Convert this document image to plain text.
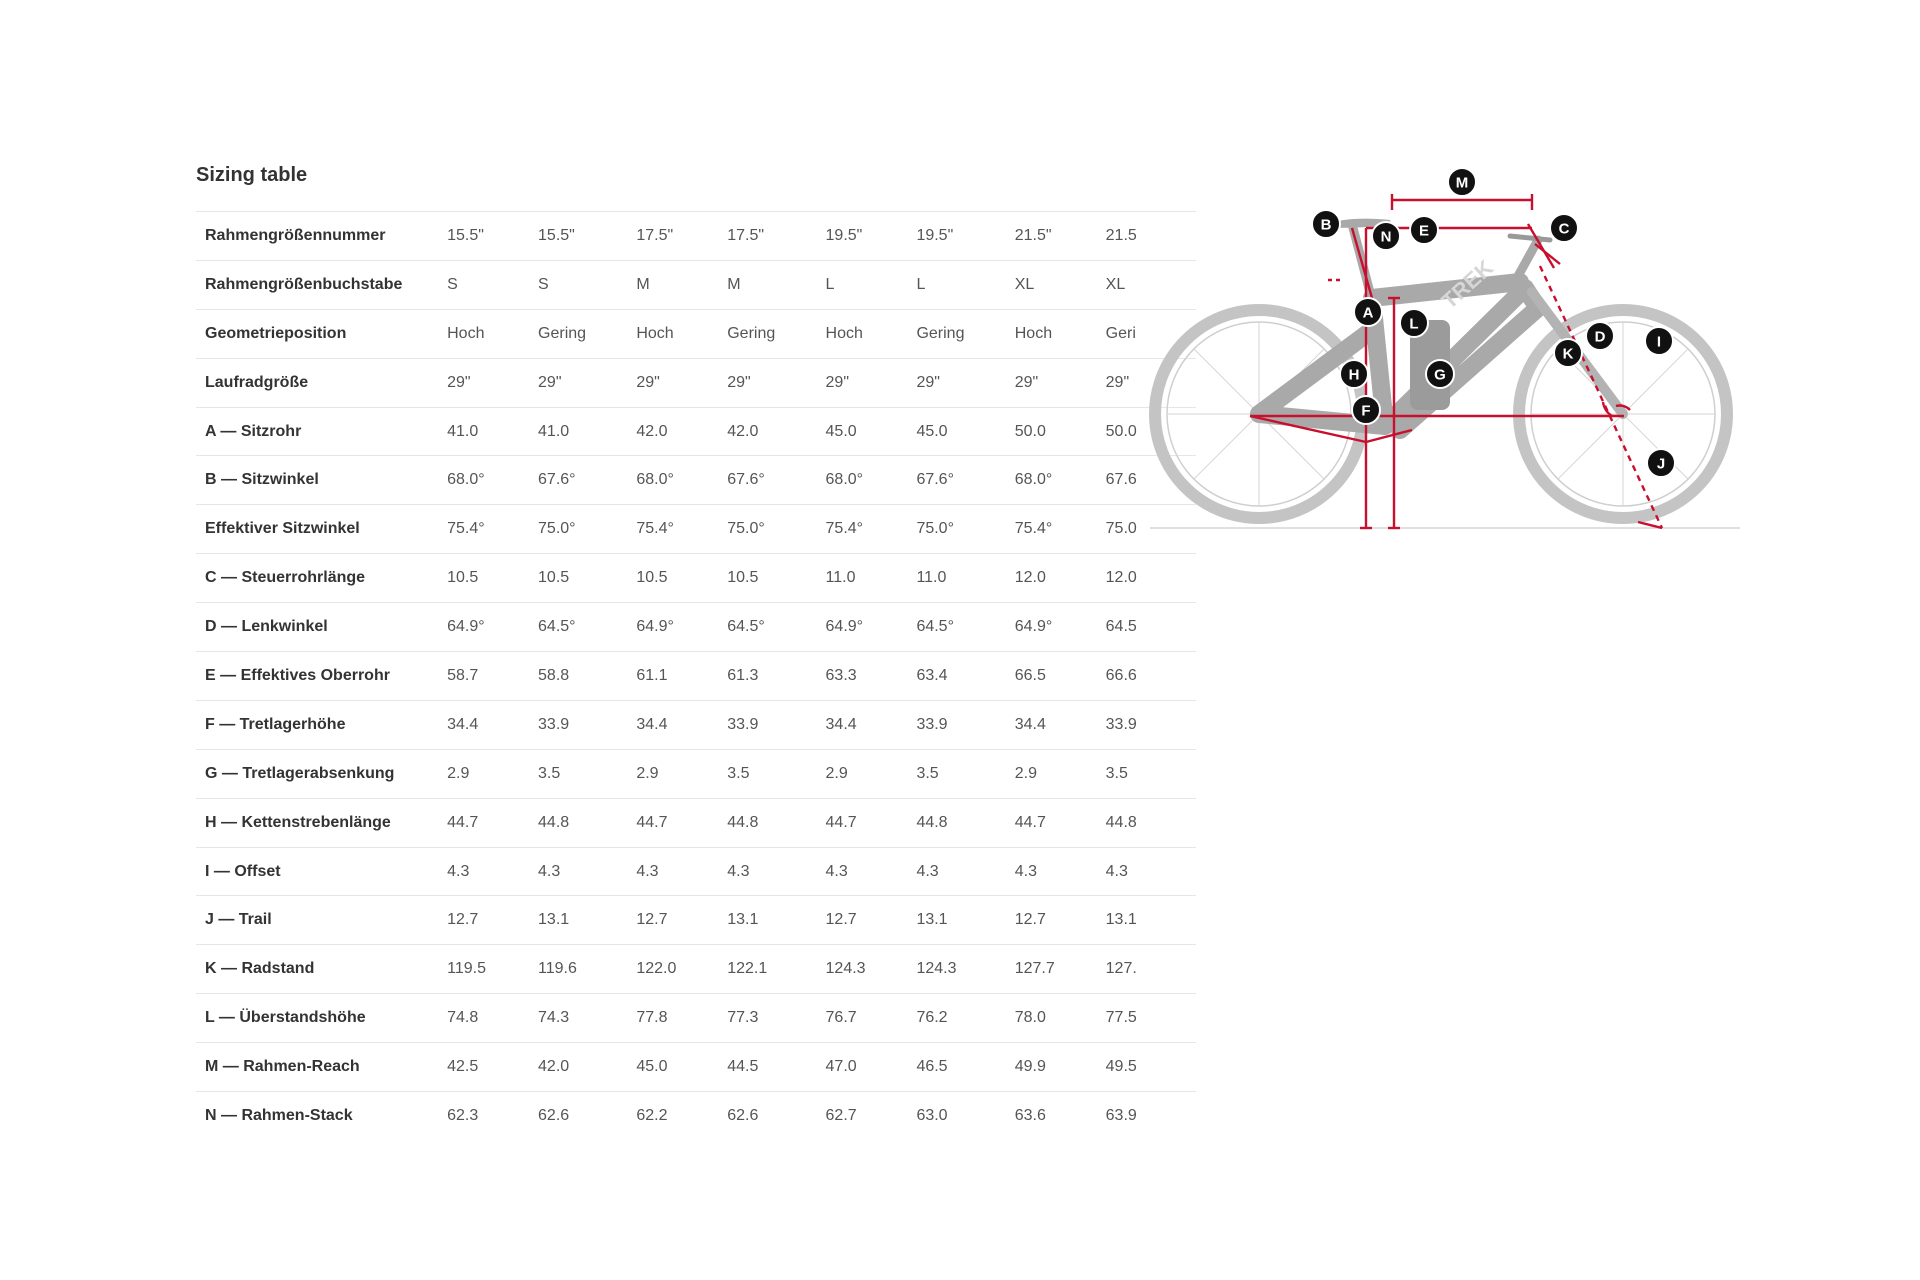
Sizing table
Rahmengrößennummer	15.5"	15.5"	17.5"	17.5"	19.5"	19.5"	21.5"	21.5
Rahmengrößenbuchstabe	S	S	M	M	L	L	XL	XL
Geometrieposition	Hoch	Gering	Hoch	Gering	Hoch	Gering	Hoch	Geri
Laufradgröße	29"	29"	29"	29"	29"	29"	29"	29"
A — Sitzrohr	41.0	41.0	42.0	42.0	45.0	45.0	50.0	50.0
B — Sitzwinkel	68.0°	67.6°	68.0°	67.6°	68.0°	67.6°	68.0°	67.6
Effektiver Sitzwinkel	75.4°	75.0°	75.4°	75.0°	75.4°	75.0°	75.4°	75.0
C — Steuerrohrlänge	10.5	10.5	10.5	10.5	11.0	11.0	12.0	12.0
D — Lenkwinkel	64.9°	64.5°	64.9°	64.5°	64.9°	64.5°	64.9°	64.5
E — Effektives Oberrohr	58.7	58.8	61.1	61.3	63.3	63.4	66.5	66.6
F — Tretlagerhöhe	34.4	33.9	34.4	33.9	34.4	33.9	34.4	33.9
G — Tretlagerabsenkung	2.9	3.5	2.9	3.5	2.9	3.5	2.9	3.5
H — Kettenstrebenlänge	44.7	44.8	44.7	44.8	44.7	44.8	44.7	44.8
I — Offset	4.3	4.3	4.3	4.3	4.3	4.3	4.3	4.3
J — Trail	12.7	13.1	12.7	13.1	12.7	13.1	12.7	13.1
K — Radstand	119.5	119.6	122.0	122.1	124.3	124.3	127.7	127.
L — Überstandshöhe	74.8	74.3	77.8	77.3	76.7	76.2	78.0	77.5
M — Rahmen-Reach	42.5	42.0	45.0	44.5	47.0	46.5	49.9	49.5
N — Rahmen-Stack	62.3	62.6	62.2	62.6	62.7	63.0	63.6	63.9
TREK
A
B	C
D
E
F
G
H
I
J
K
L
M
N
